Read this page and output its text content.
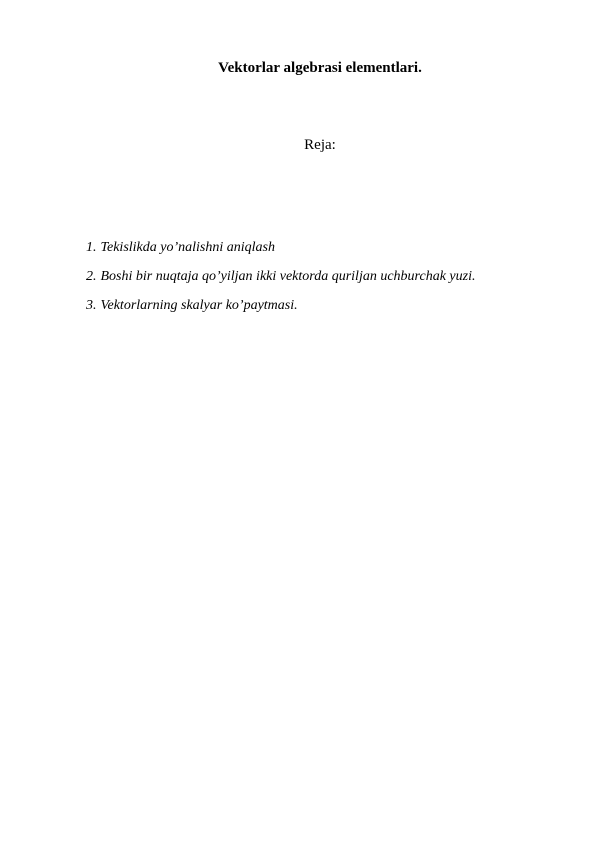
Vektorlar algebrasi elementlari.
Reja:
1. Tekislikda yo’nalishni aniqlash
2. Boshi bir nuqtaja qo’yiljan ikki vektorda quriljan uchburchak yuzi.
3. Vektorlarning skalyar ko’paytmasi.
